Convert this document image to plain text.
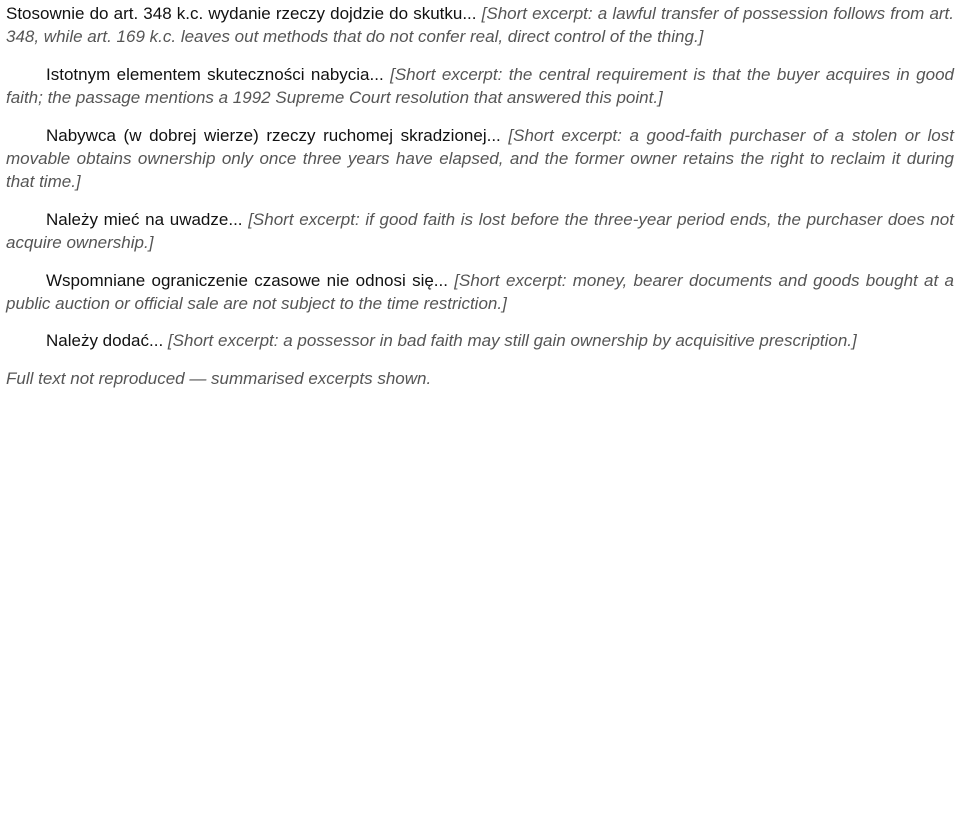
Stosownie do art. 348 k.c. wydanie rzeczy dojdzie do skutku... [Short excerpt: a lawful transfer of possession follows from art. 348, while art. 169 k.c. leaves out methods that do not confer real, direct control of the thing.]

Istotnym elementem skuteczności nabycia... [Short excerpt: the central requirement is that the buyer acquires in good faith; the passage mentions a 1992 Supreme Court resolution that answered this point.]

Nabywca (w dobrej wierze) rzeczy ruchomej skradzionej... [Short excerpt: a good-faith purchaser of a stolen or lost movable obtains ownership only once three years have elapsed, and the former owner retains the right to reclaim it during that time.]

Należy mieć na uwadze... [Short excerpt: if good faith is lost before the three-year period ends, the purchaser does not acquire ownership.]

Wspomniane ograniczenie czasowe nie odnosi się... [Short excerpt: money, bearer documents and goods bought at a public auction or official sale are not subject to the time restriction.]

Należy dodać... [Short excerpt: a possessor in bad faith may still gain ownership by acquisitive prescription.]

Full text not reproduced — summarised excerpts shown.
